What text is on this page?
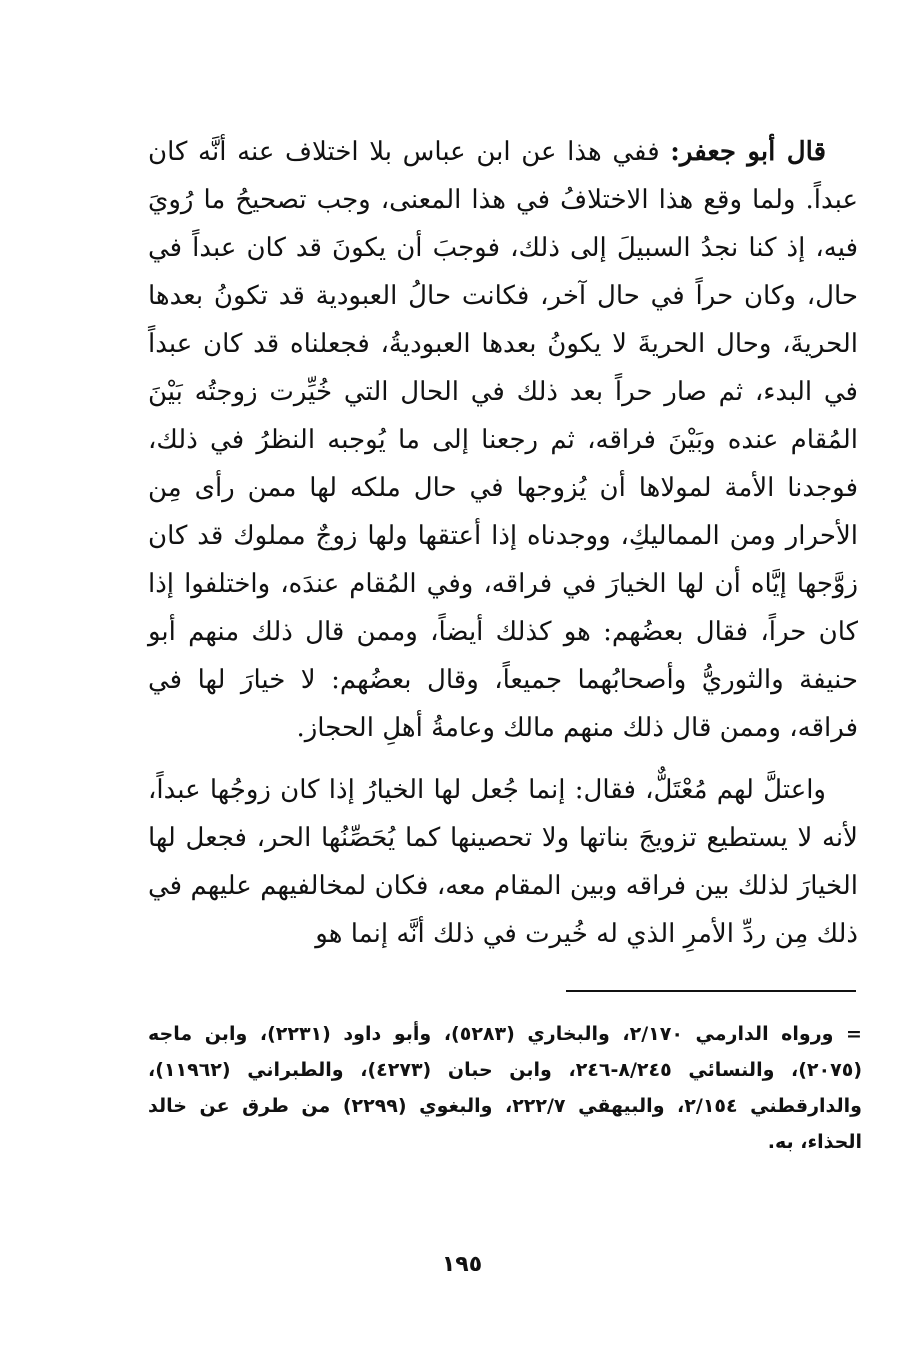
قال أبو جعفر: ففي هذا عن ابن عباس بلا اختلاف عنه أنَّه كان عبداً. ولما وقع هذا الاختلافُ في هذا المعنى، وجب تصحيحُ ما رُويَ فيه، إذ كنا نجدُ السبيلَ إلى ذلك، فوجبَ أن يكونَ قد كان عبداً في حال، وكان حراً في حال آخر، فكانت حالُ العبودية قد تكونُ بعدها الحريةَ، وحال الحريةَ لا يكونُ بعدها العبوديةُ، فجعلناه قد كان عبداً في البدء، ثم صار حراً بعد ذلك في الحال التي خُيِّرت زوجتُه بَيْنَ المُقام عنده وبَيْنَ فراقه، ثم رجعنا إلى ما يُوجبه النظرُ في ذلك، فوجدنا الأمة لمولاها أن يُزوجها في حال ملكه لها ممن رأى مِن الأحرار ومن المماليكِ، ووجدناه إذا أعتقها ولها زوجٌ مملوك قد كان زوَّجها إيَّاه أن لها الخيارَ في فراقه، وفي المُقام عندَه، واختلفوا إذا كان حراً، فقال بعضُهم: هو كذلك أيضاً، وممن قال ذلك منهم أبو حنيفة والثوريُّ وأصحابُهما جميعاً، وقال بعضُهم: لا خيارَ لها في فراقه، وممن قال ذلك منهم مالك وعامةُ أهلِ الحجاز.

واعتلَّ لهم مُعْتَلٌّ، فقال: إنما جُعل لها الخيارُ إذا كان زوجُها عبداً، لأنه لا يستطيع تزويجَ بناتها ولا تحصينها كما يُحَصِّنُها الحر، فجعل لها الخيارَ لذلك بين فراقه وبين المقام معه، فكان لمخالفيهم عليهم في ذلك مِن ردِّ الأمرِ الذي له خُيرت في ذلك أنَّه إنما هو

= ورواه الدارمي ٢/١٧٠، والبخاري (٥٢٨٣)، وأبو داود (٢٢٣١)، وابن ماجه (٢٠٧٥)، والنسائي ٨/٢٤٥-٢٤٦، وابن حبان (٤٢٧٣)، والطبراني (١١٩٦٢)، والدارقطني ٢/١٥٤، والبيهقي ٢٢٢/٧، والبغوي (٢٢٩٩) من طرق عن خالد الحذاء، به.

١٩٥
